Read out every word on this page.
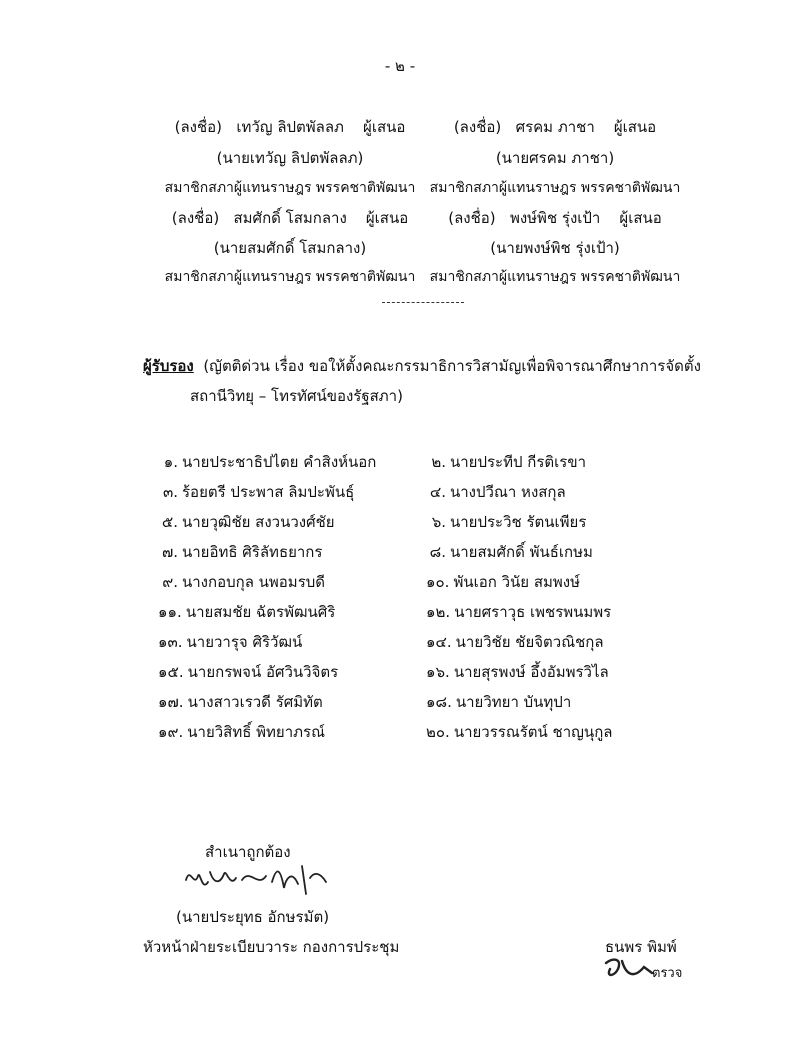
- ๒ -
(ลงชื่อ) เทวัญ ลิปตพัลลภ ผู้เสนอ
(นายเทวัญ ลิปตพัลลภ)
สมาชิกสภาผู้แทนราษฎร พรรคชาติพัฒนา
(ลงชื่อ) ศรคม ภาชา ผู้เสนอ
(นายศรคม ภาชา)
สมาชิกสภาผู้แทนราษฎร พรรคชาติพัฒนา
(ลงชื่อ) สมศักดิ์ โสมกลาง ผู้เสนอ
(นายสมศักดิ์ โสมกลาง)
สมาชิกสภาผู้แทนราษฎร พรรคชาติพัฒนา
(ลงชื่อ) พงษ์พิช รุ่งเป้า ผู้เสนอ
(นายพงษ์พิช รุ่งเป้า)
สมาชิกสภาผู้แทนราษฎร พรรคชาติพัฒนา
ผู้รับรอง (ญัตติด่วน เรื่อง ขอให้ตั้งคณะกรรมาธิการวิสามัญเพื่อพิจารณาศึกษาการจัดตั้ง
สถานีวิทยุ – โทรทัศน์ของรัฐสภา)
๑. นายประชาธิปไตย คำสิงห์นอก	๒. นายประทีป กีรติเรขา
๓. ร้อยตรี ประพาส ลิมปะพันธุ์	๔. นางปวีณา หงสกุล
๕. นายวุฒิชัย สงวนวงศ์ชัย	๖. นายประวิช รัตนเพียร
๗. นายอิทธิ ศิริลัทธยากร	๘. นายสมศักดิ์ พันธ์เกษม
๙. นางกอบกุล นพอมรบดี	๑๐. พันเอก วินัย สมพงษ์
๑๑. นายสมชัย ฉัตรพัฒนศิริ	๑๒. นายศราวุธ เพชรพนมพร
๑๓. นายวารุจ ศิริวัฒน์	๑๔. นายวิชัย ชัยจิตวณิชกุล
๑๕. นายกรพจน์ อัศวินวิจิตร	๑๖. นายสุรพงษ์ อึ้งอัมพรวิไล
๑๗. นางสาวเรวดี รัศมิทัต	๑๘. นายวิทยา บันทุปา
๑๙. นายวิสิทธิ์ พิทยาภรณ์	๒๐. นายวรรณรัตน์ ชาญนุกูล
สำเนาถูกต้อง
(นายประยุทธ อักษรมัต)
หัวหน้าฝ่ายระเบียบวาระ กองการประชุม	ธนพร พิมพ์
ตรวจ
